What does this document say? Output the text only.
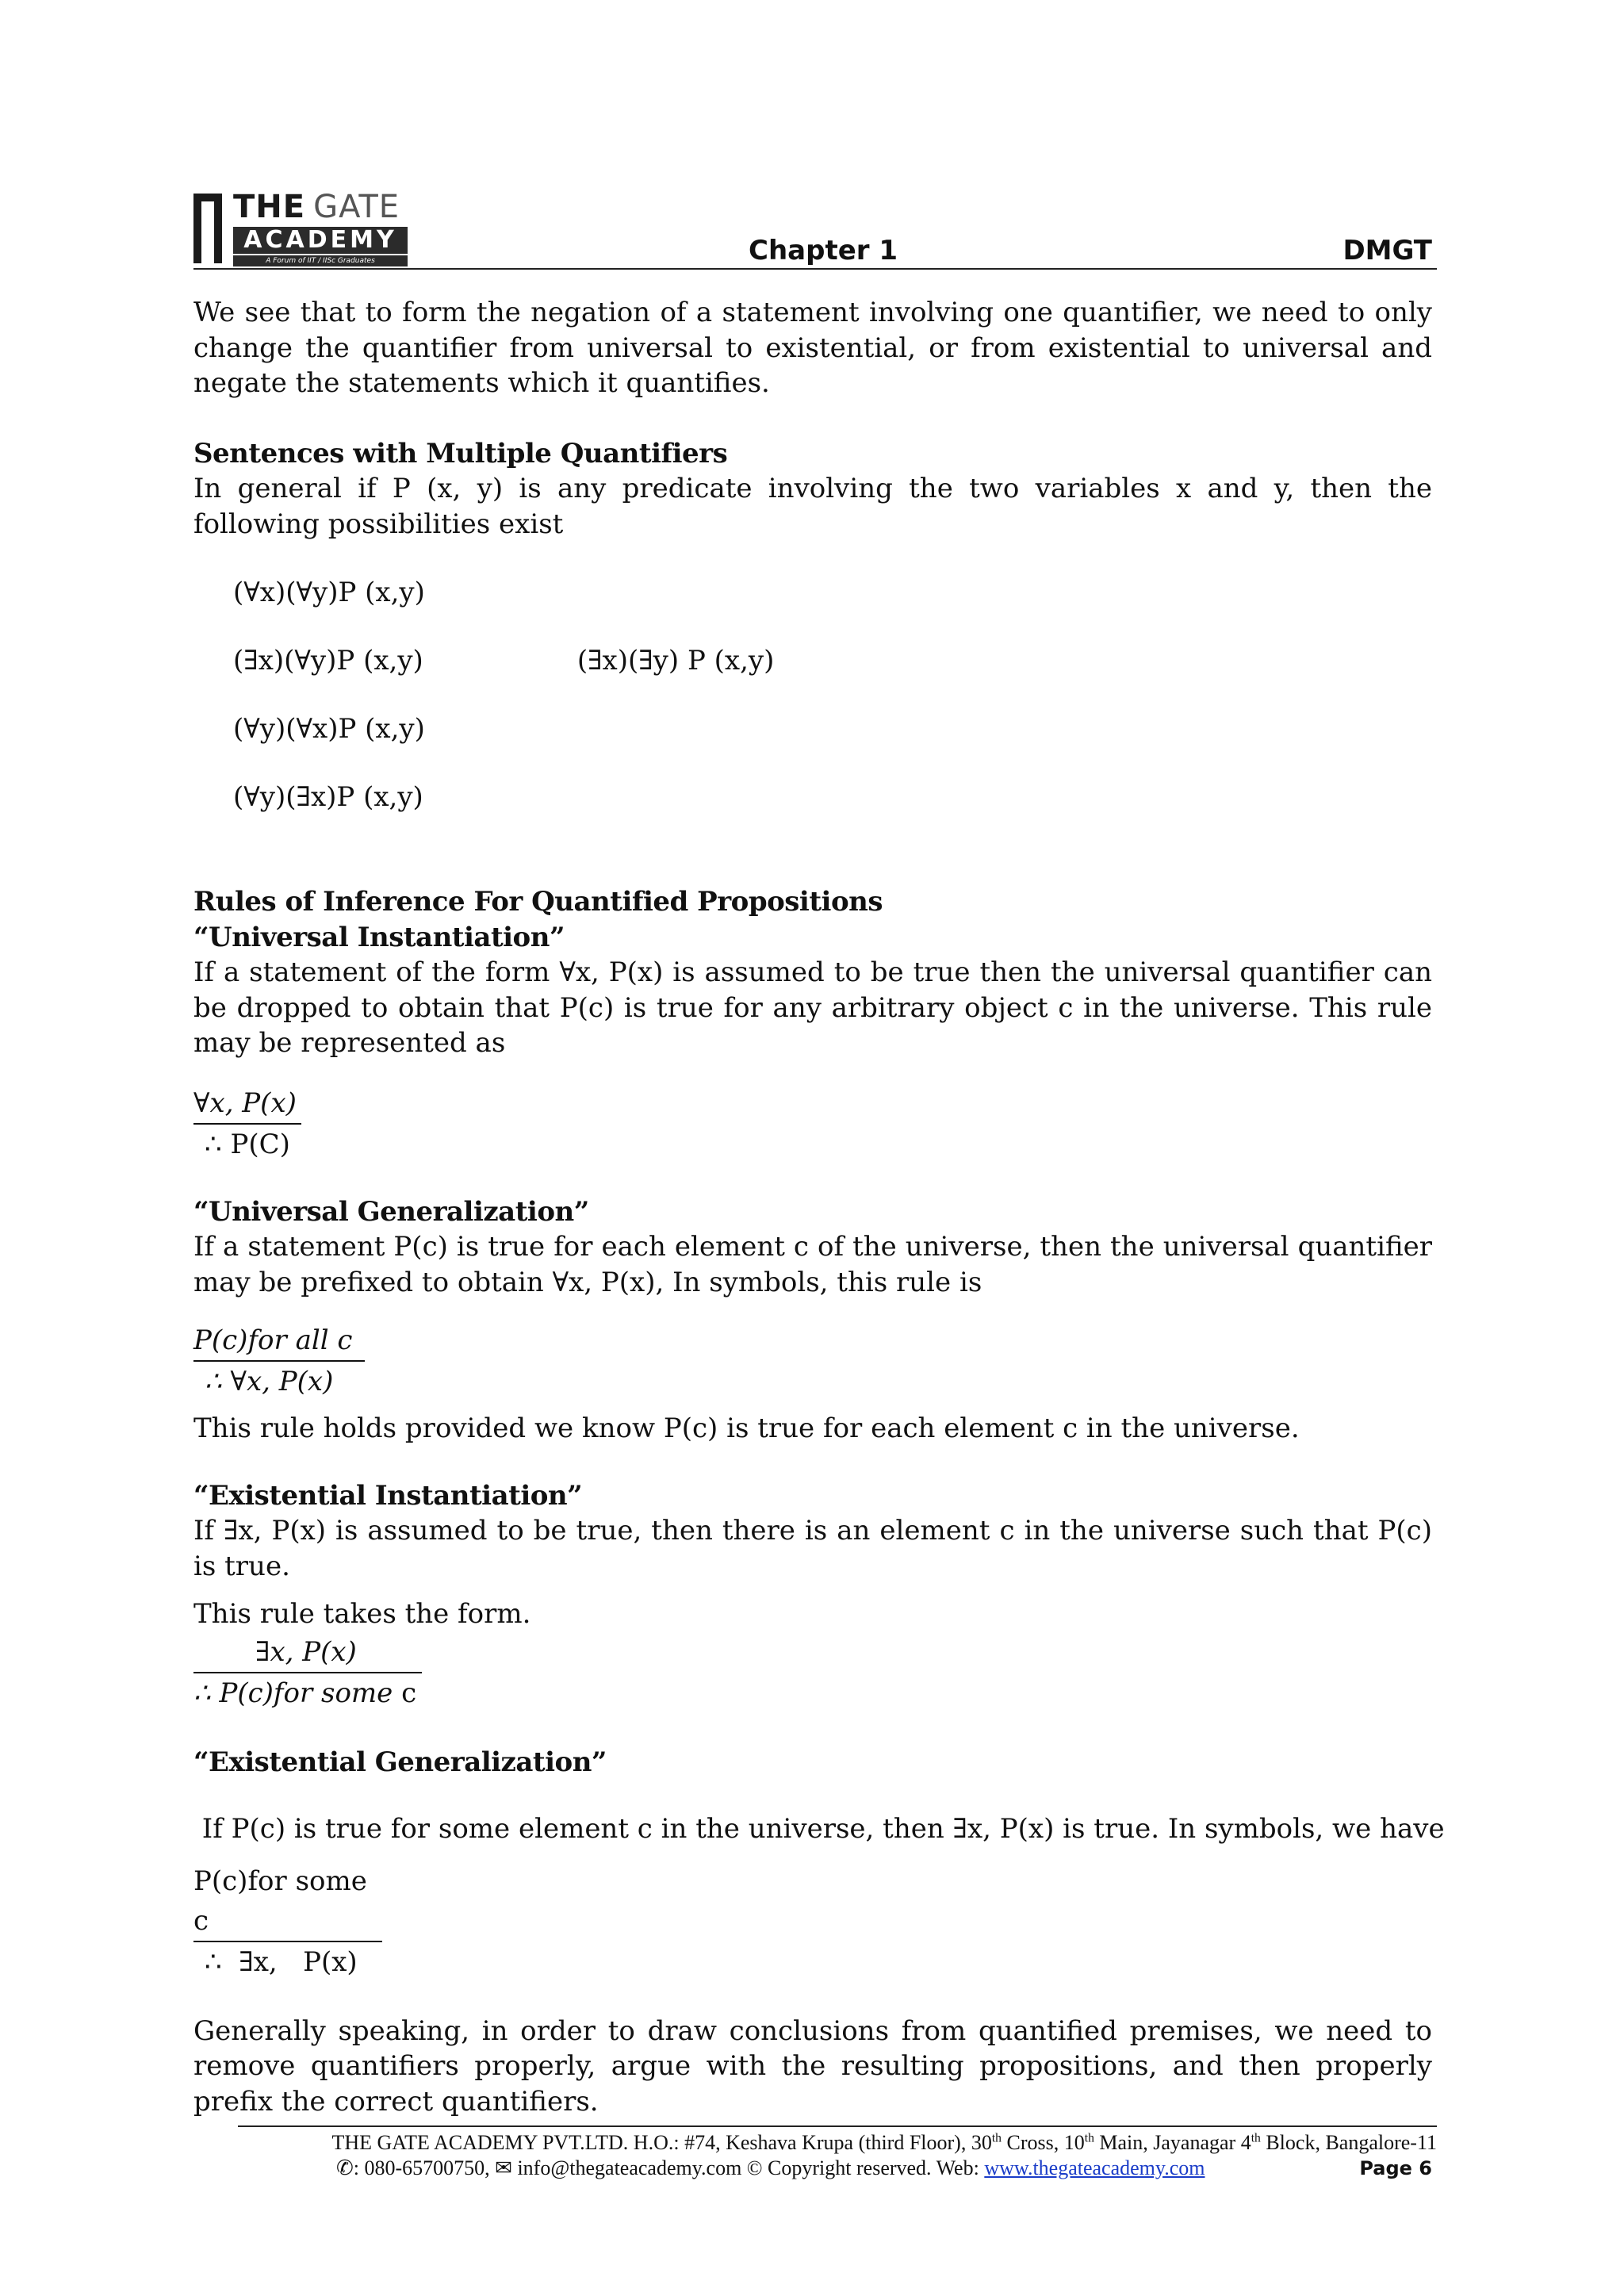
THE GATE
ACADEMY
A Forum of IIT / IISc Graduates	Chapter 1	DMGT

We see that to form the negation of a statement involving one quantifier, we need to only change the quantifier from universal to existential, or from existential to universal and negate the statements which it quantifies.

Sentences with Multiple Quantifiers

In general if P (x, y) is any predicate involving the two variables x and y, then the following possibilities exist

(∀x)(∀y)P (x,y)

(∃x)(∀y)P (x,y)	(∃x)(∃y) P (x,y)

(∀y)(∀x)P (x,y)

(∀y)(∃x)P (x,y)

Rules of Inference For Quantified Propositions

“Universal Instantiation”

If a statement of the form ∀x, P(x) is assumed to be true then the universal quantifier can be dropped to obtain that P(c) is true for any arbitrary object c in the universe. This rule may be represented as

∀x, P(x)
∴ P(C)

“Universal Generalization”

If a statement P(c) is true for each element c of the universe, then the universal quantifier may be prefixed to obtain ∀x, P(x), In symbols, this rule is

P(c)for all c
∴ ∀x, P(x)

This rule holds provided we know P(c) is true for each element c in the universe.

“Existential Instantiation”

If ∃x, P(x) is assumed to be true, then there is an element c in the universe such that P(c) is true.

This rule takes the form.

∃x, P(x)
∴ P(c)for some c

“Existential Generalization”

If P(c) is true for some element c in the universe, then ∃x, P(x) is true. In symbols, we have

P(c)for some c
∴  ∃x,   P(x)

Generally speaking, in order to draw conclusions from quantified premises, we need to remove quantifiers properly, argue with the resulting propositions, and then properly prefix the correct quantifiers.

THE GATE ACADEMY PVT.LTD. H.O.: #74, Keshava Krupa (third Floor), 30th Cross, 10th Main, Jayanagar 4th Block, Bangalore-11
✆: 080-65700750, ✉ info@thegateacademy.com © Copyright reserved. Web: www.thegateacademy.com	Page 6
